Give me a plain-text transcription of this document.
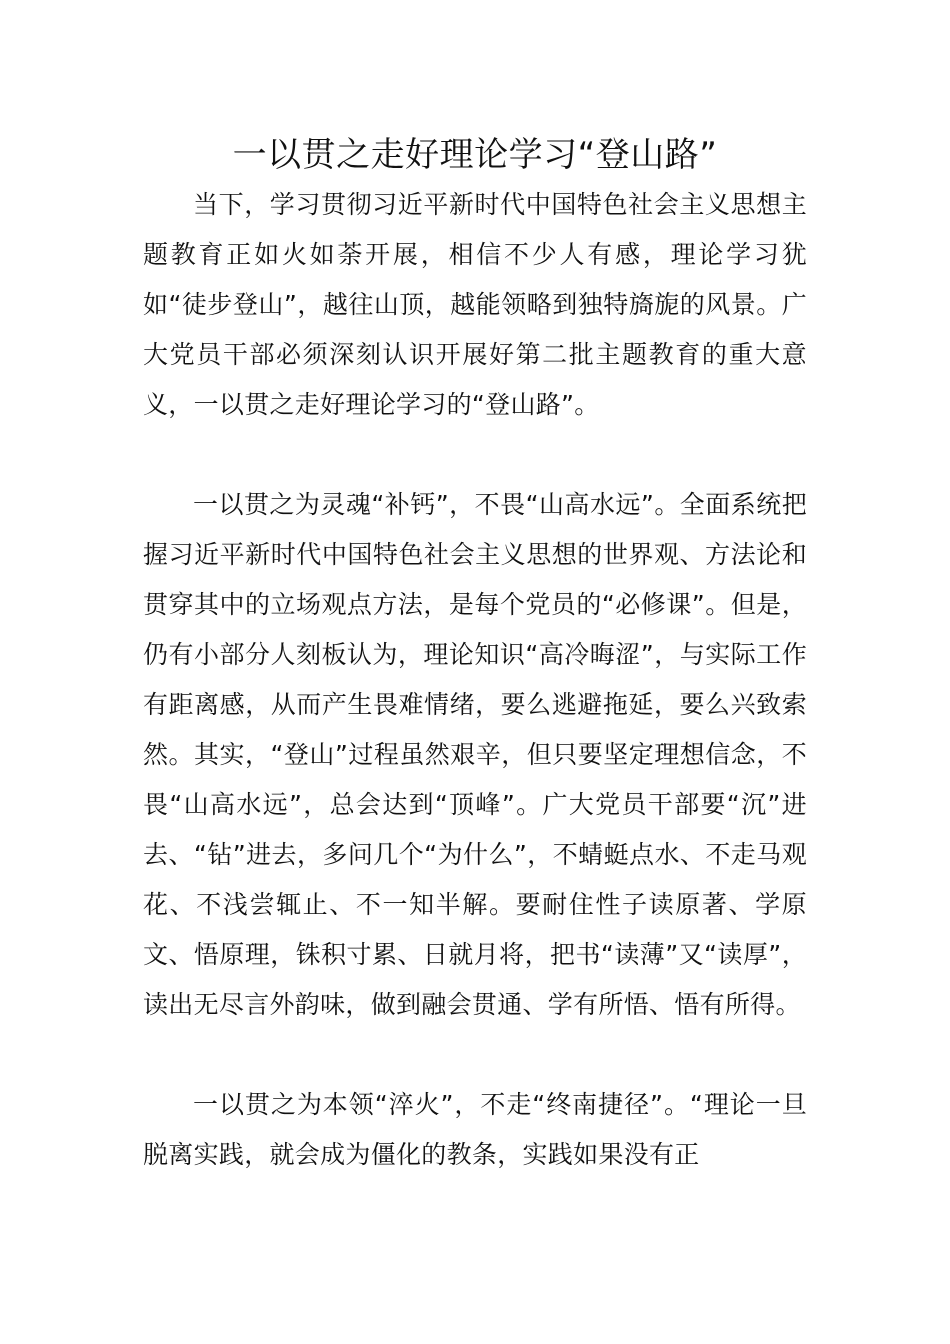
一以贯之走好理论学习“登山路”

当下，学习贯彻习近平新时代中国特色社会主义思想主题教育正如火如荼开展，相信不少人有感，理论学习犹如“徒步登山”，越往山顶，越能领略到独特旖旎的风景。广大党员干部必须深刻认识开展好第二批主题教育的重大意义，一以贯之走好理论学习的“登山路”。

一以贯之为灵魂“补钙”，不畏“山高水远”。全面系统把握习近平新时代中国特色社会主义思想的世界观、方法论和贯穿其中的立场观点方法，是每个党员的“必修课”。但是，仍有小部分人刻板认为，理论知识“高冷晦涩”，与实际工作有距离感，从而产生畏难情绪，要么逃避拖延，要么兴致索然。其实，“登山”过程虽然艰辛，但只要坚定理想信念，不畏“山高水远”，总会达到“顶峰”。广大党员干部要“沉”进去、“钻”进去，多问几个“为什么”，不蜻蜓点水、不走马观花、不浅尝辄止、不一知半解。要耐住性子读原著、学原文、悟原理，铢积寸累、日就月将，把书“读薄”又“读厚”，读出无尽言外韵味，做到融会贯通、学有所悟、悟有所得。

一以贯之为本领“淬火”，不走“终南捷径”。“理论一旦脱离实践，就会成为僵化的教条，实践如果没有正
